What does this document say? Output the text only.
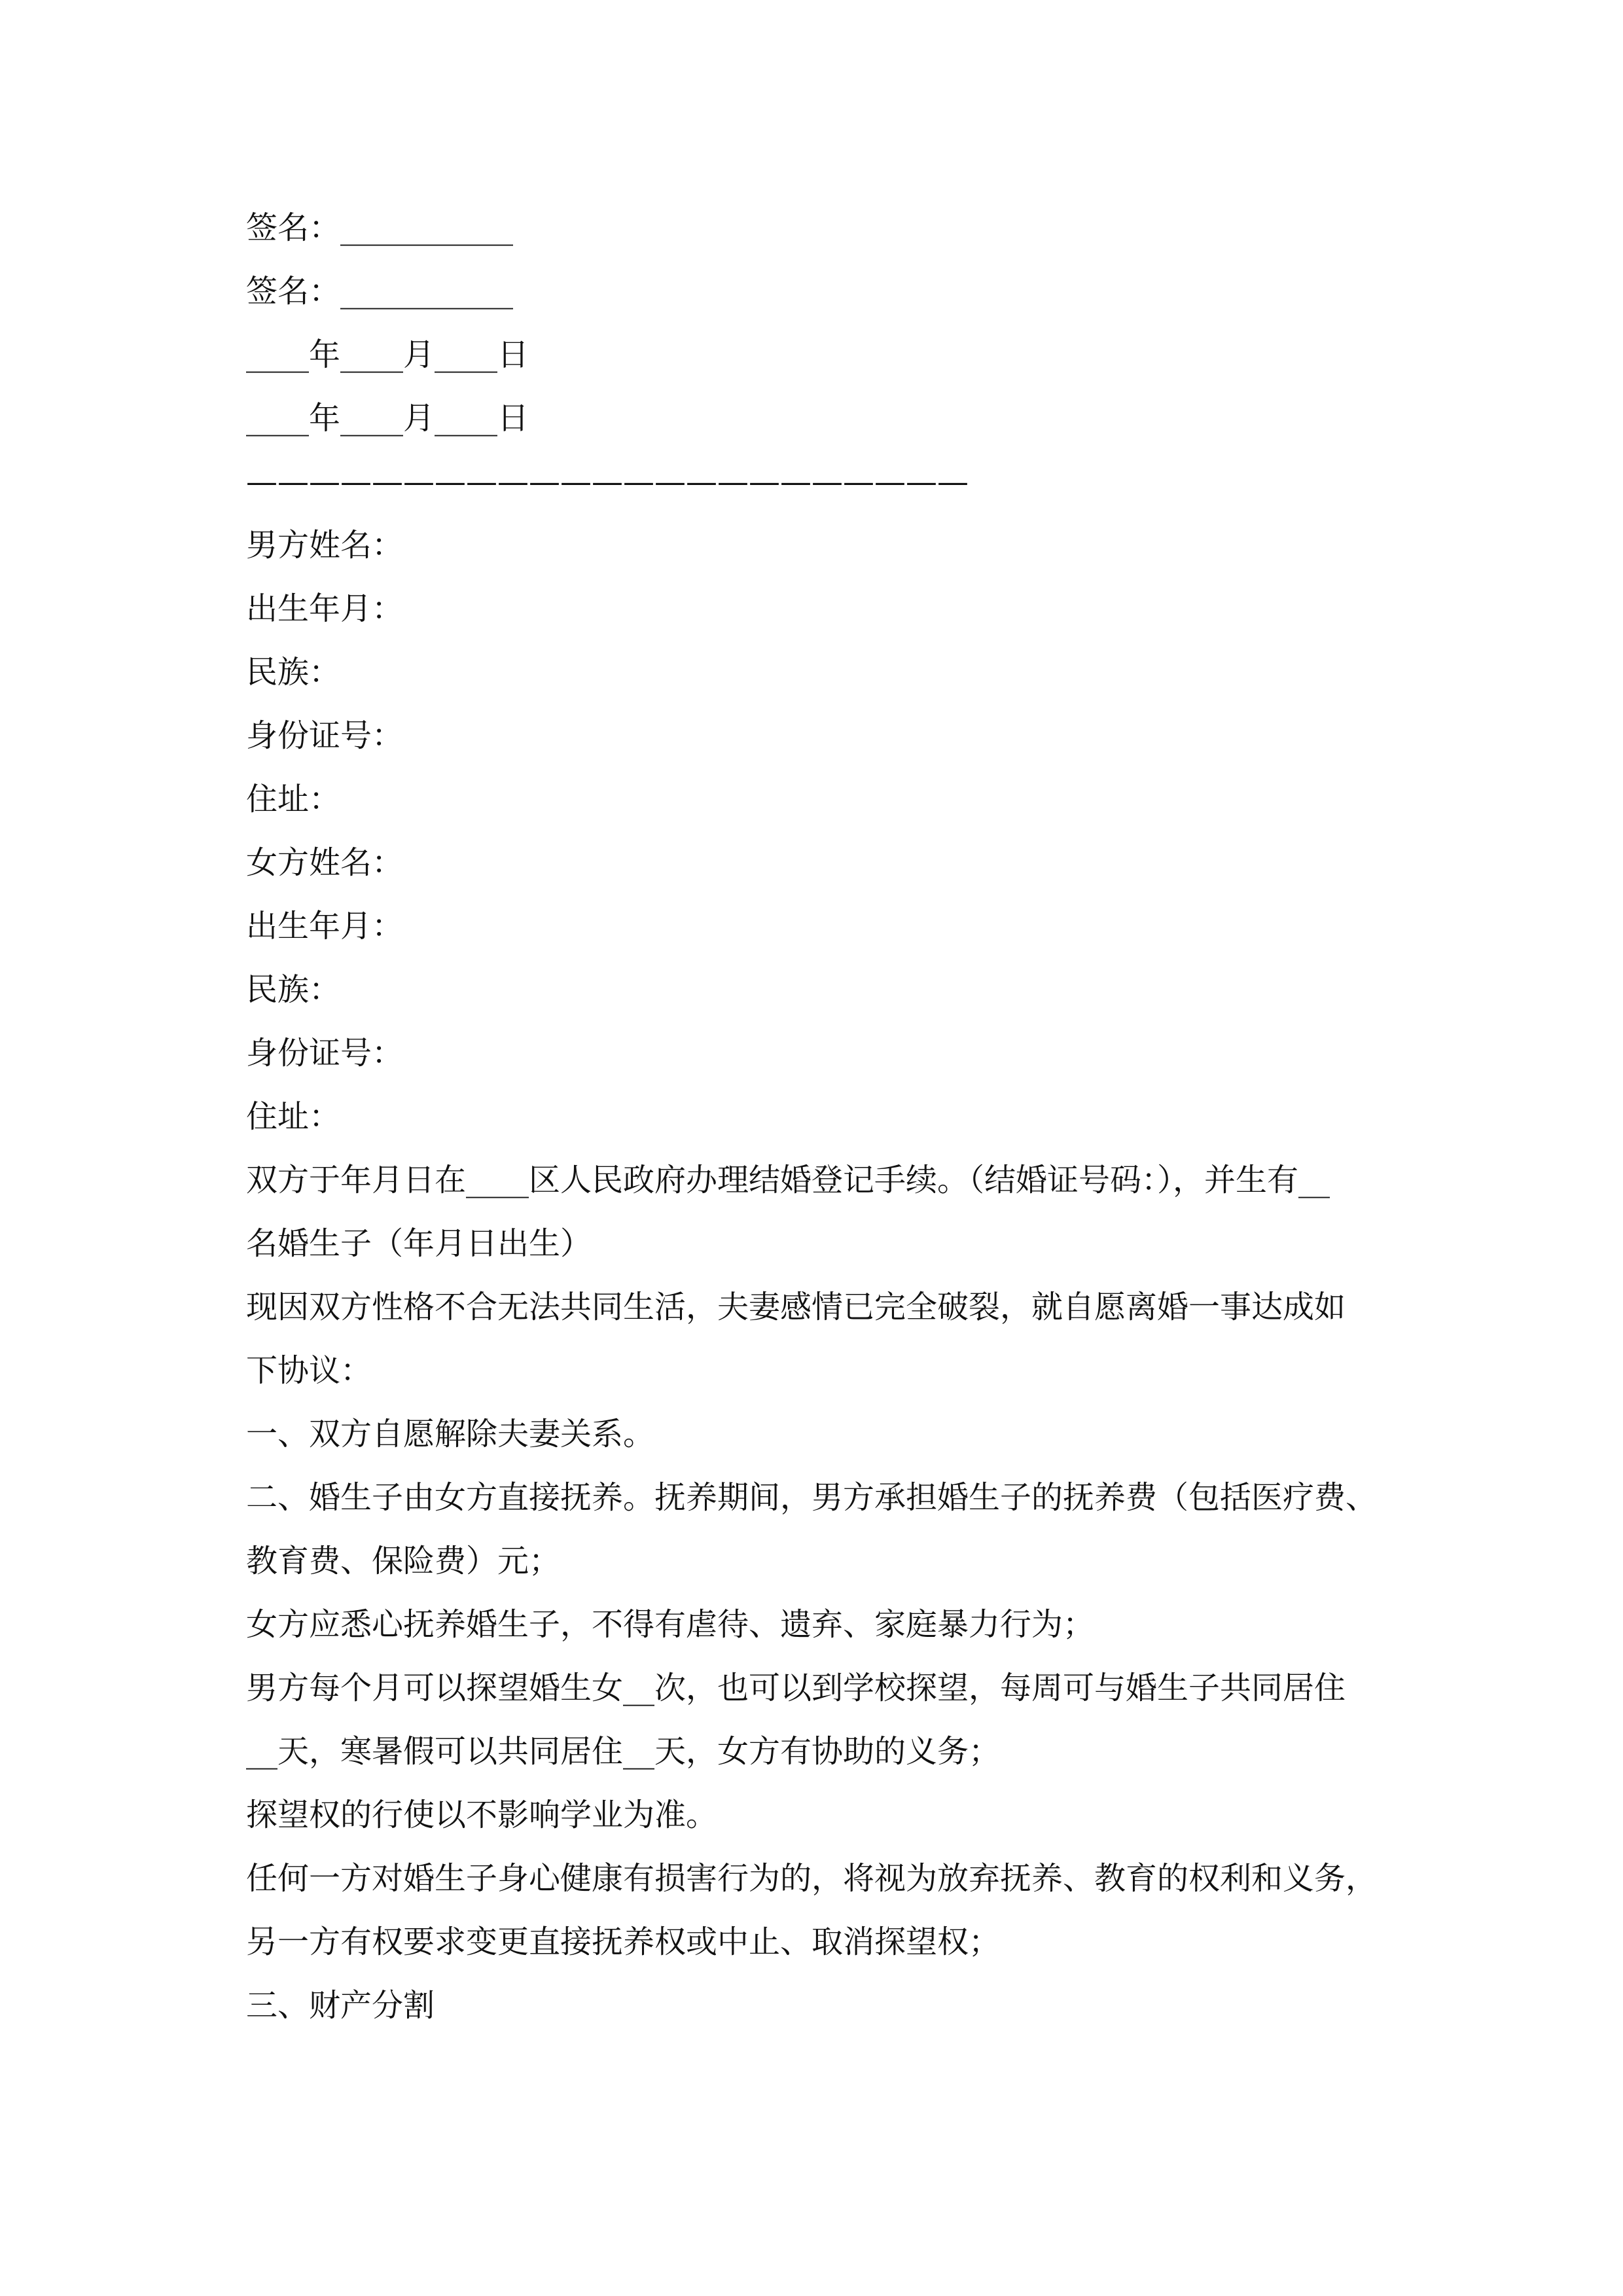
签名：___________
签名：___________
____年____月____日
____年____月____日
———————————————————————
男方姓名：
出生年月：
民族：
身份证号：
住址：
女方姓名：
出生年月：
民族：
身份证号：
住址：
双方于年月日在____区人民政府办理结婚登记手续。（结婚证号码：），并生有__
名婚生子（年月日出生）
现因双方性格不合无法共同生活，夫妻感情已完全破裂，就自愿离婚一事达成如
下协议：
一、双方自愿解除夫妻关系。
二、婚生子由女方直接抚养。抚养期间，男方承担婚生子的抚养费（包括医疗费、
教育费、保险费）元；
女方应悉心抚养婚生子，不得有虐待、遗弃、家庭暴力行为；
男方每个月可以探望婚生女__次，也可以到学校探望，每周可与婚生子共同居住
__天，寒暑假可以共同居住__天，女方有协助的义务；
探望权的行使以不影响学业为准。
任何一方对婚生子身心健康有损害行为的，将视为放弃抚养、教育的权利和义务，
另一方有权要求变更直接抚养权或中止、取消探望权；
三、财产分割
